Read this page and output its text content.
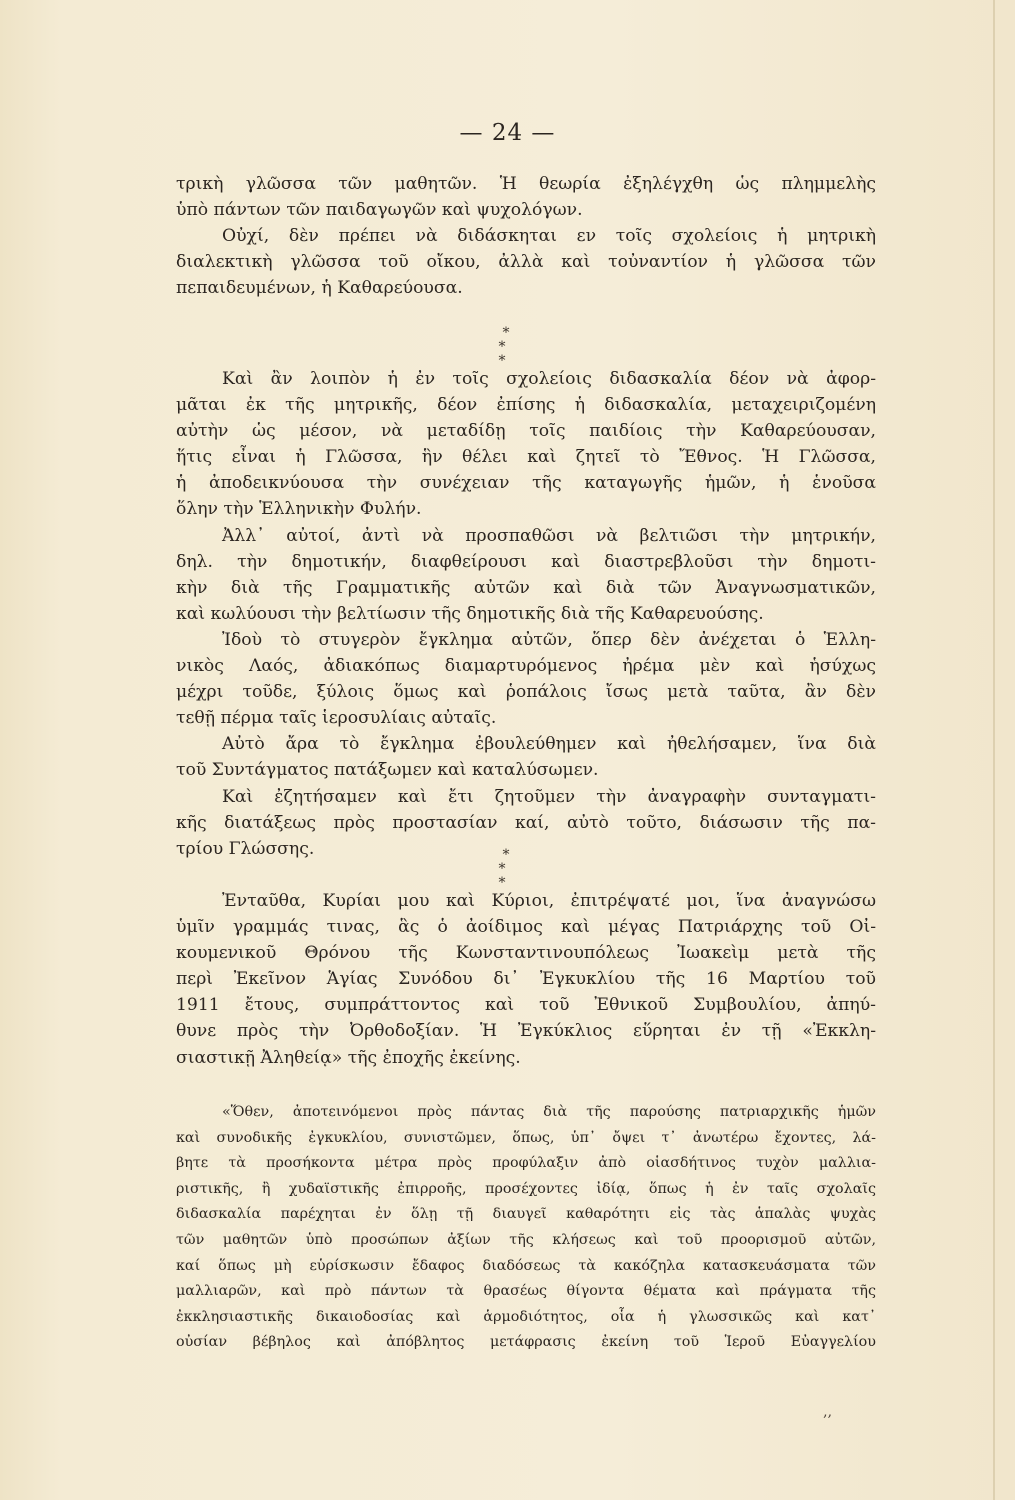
— 24 —
τρικὴ γλῶσσα τῶν μαθητῶν. Ἡ θεωρία ἐξηλέγχθη ὡς πλημμελὴς
ὑπὸ πάντων τῶν παιδαγωγῶν καὶ ψυχολόγων.
Οὐχί, δὲν πρέπει νὰ διδάσκηται εν τοῖς σχολείοις ἡ μητρικὴ
διαλεκτικὴ γλῶσσα τοῦ οἴκου, ἀλλὰ καὶ τοὐναντίον ἡ γλῶσσα τῶν
πεπαιδευμένων, ἡ Καθαρεύουσα.
*
* *
Καὶ ἂν λοιπὸν ἡ ἐν τοῖς σχολείοις διδασκαλία δέον νὰ ἀφορ-
μᾶται ἐκ τῆς μητρικῆς, δέον ἐπίσης ἡ διδασκαλία, μεταχειριζομένη
αὐτὴν ὡς μέσον, νὰ μεταδίδῃ τοῖς παιδίοις τὴν Καθαρεύουσαν,
ἥτις εἶναι ἡ Γλῶσσα, ἣν θέλει καὶ ζητεῖ τὸ Ἔθνος. Ἡ Γλῶσσα,
ἡ ἀποδεικνύουσα τὴν συνέχειαν τῆς καταγωγῆς ἡμῶν, ἡ ἑνοῦσα
ὅλην τὴν Ἑλληνικὴν Φυλήν.
Ἀλλ᾽ αὐτοί, ἀντὶ νὰ προσπαθῶσι νὰ βελτιῶσι τὴν μητρικήν,
δηλ. τὴν δημοτικήν, διαφθείρουσι καὶ διαστρεβλοῦσι τὴν δημοτι-
κὴν διὰ τῆς Γραμματικῆς αὐτῶν καὶ διὰ τῶν Ἀναγνωσματικῶν,
καὶ κωλύουσι τὴν βελτίωσιν τῆς δημοτικῆς διὰ τῆς Καθαρευούσης.
Ἰδοὺ τὸ στυγερὸν ἔγκλημα αὐτῶν, ὅπερ δὲν ἀνέχεται ὁ Ἑλλη-
νικὸς Λαός, ἀδιακόπως διαμαρτυρόμενος ἠρέμα μὲν καὶ ἡσύχως
μέχρι τοῦδε, ξύλοις ὅμως καὶ ῥοπάλοις ἴσως μετὰ ταῦτα, ἂν δὲν
τεθῇ πέρμα ταῖς ἱεροσυλίαις αὐταῖς.
Αὐτὸ ἄρα τὸ ἔγκλημα ἐβουλεύθημεν καὶ ἠθελήσαμεν, ἵνα διὰ
τοῦ Συντάγματος πατάξωμεν καὶ καταλύσωμεν.
Καὶ ἐζητήσαμεν καὶ ἔτι ζητοῦμεν τὴν ἀναγραφὴν συνταγματι-
κῆς διατάξεως πρὸς προστασίαν καί, αὐτὸ τοῦτο, διάσωσιν τῆς πα-
τρίου Γλώσσης.	*
* *
Ἐνταῦθα, Κυρίαι μου καὶ Κύριοι, ἐπιτρέψατέ μοι, ἵνα ἀναγνώσω
ὑμῖν γραμμάς τινας, ἃς ὁ ἀοίδιμος καὶ μέγας Πατριάρχης τοῦ Οἰ-
κουμενικοῦ Θρόνου τῆς Κωνσταντινουπόλεως Ἰωακεὶμ μετὰ τῆς
περὶ Ἐκεῖνον Ἁγίας Συνόδου δι᾽ Ἐγκυκλίου τῆς 16 Μαρτίου τοῦ
1911 ἔτους, συμπράττοντος καὶ τοῦ Ἐθνικοῦ Συμβουλίου, ἀπηύ-
θυνε πρὸς τὴν Ὀρθοδοξίαν. Ἡ Ἐγκύκλιος εὕρηται ἐν τῇ «Ἐκκλη-
σιαστικῇ Ἀληθείᾳ» τῆς ἐποχῆς ἐκείνης.
«Ὅθεν, ἀποτεινόμενοι πρὸς πάντας διὰ τῆς παρούσης πατριαρχικῆς ἡμῶν
καὶ συνοδικῆς ἐγκυκλίου, συνιστῶμεν, ὅπως, ὑπ᾽ ὄψει τ᾽ ἀνωτέρω ἔχοντες, λά-
βητε τὰ προσήκοντα μέτρα πρὸς προφύλαξιν ἀπὸ οἱασδήτινος τυχὸν μαλλια-
ριστικῆς, ἢ χυδαϊστικῆς ἐπιρροῆς, προσέχοντες ἰδίᾳ, ὅπως ἡ ἐν ταῖς σχολαῖς
διδασκαλία παρέχηται ἐν ὅλῃ τῇ διαυγεῖ καθαρότητι εἰς τὰς ἁπαλὰς ψυχὰς
τῶν μαθητῶν ὑπὸ προσώπων ἀξίων τῆς κλήσεως καὶ τοῦ προορισμοῦ αὐτῶν,
καί ὅπως μὴ εὑρίσκωσιν ἔδαφος διαδόσεως τὰ κακόζηλα κατασκευάσματα τῶν
μαλλιαρῶν, καὶ πρὸ πάντων τὰ θρασέως θίγοντα θέματα καὶ πράγματα τῆς
ἐκκλησιαστικῆς δικαιοδοσίας καὶ ἁρμοδιότητος, οἷα ἡ γλωσσικῶς καὶ κατ᾽
οὐσίαν βέβηλος καὶ ἀπόβλητος μετάφρασις ἐκείνη τοῦ Ἱεροῦ Εὐαγγελίου
‚‚
